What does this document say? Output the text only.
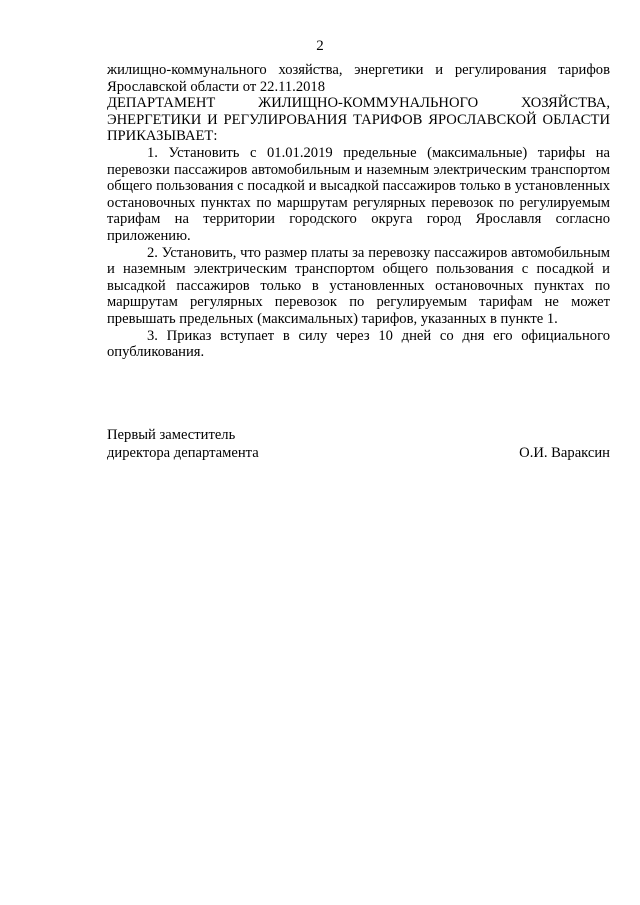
2

жилищно-коммунального хозяйства, энергетики и регулирования тарифов

Ярославской области от 22.11.2018

ДЕПАРТАМЕНТ ЖИЛИЩНО-КОММУНАЛЬНОГО ХОЗЯЙСТВА, ЭНЕРГЕТИКИ И РЕГУЛИРОВАНИЯ ТАРИФОВ ЯРОСЛАВСКОЙ ОБЛАСТИ ПРИКАЗЫВАЕТ:

1. Установить с 01.01.2019 предельные (максимальные) тарифы на перевозки пассажиров автомобильным и наземным электрическим транспортом общего пользования с посадкой и высадкой пассажиров только в установленных остановочных пунктах по маршрутам регулярных перевозок по регулируемым тарифам на территории городского округа город Ярославля согласно приложению.

2. Установить, что размер платы за перевозку пассажиров автомобильным и наземным электрическим транспортом общего пользования с посадкой и высадкой пассажиров только в установленных остановочных пунктах по маршрутам регулярных перевозок по регулируемым тарифам не может превышать предельных (максимальных) тарифов, указанных в пункте 1.

3. Приказ вступает в силу через 10 дней со дня его официального опубликования.

Первый заместитель
директора департамента	О.И. Вараксин
